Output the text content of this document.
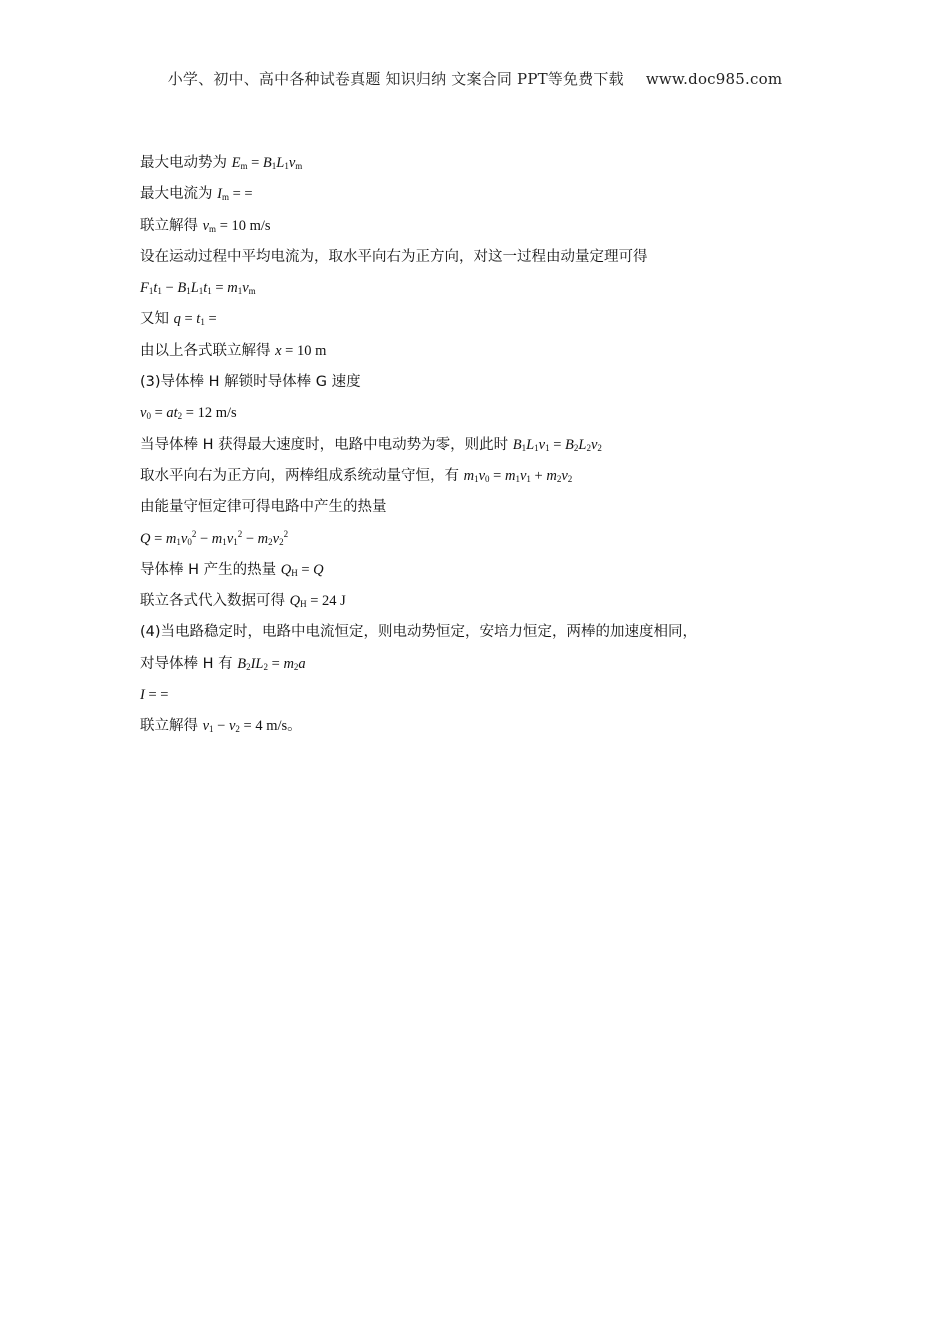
小学、初中、高中各种试卷真题 知识归纳 文案合同 PPT等免费下载 www.doc985.com
最大电动势为 $E_m = B_1L_1v_m$
最大电流为 $I_m$ = =
联立解得 $v_m = 10$ m/s
设在运动过程中平均电流为，取水平向右为正方向，对这一过程由动量定理可得
$F_1t_1 - B_1L_1t_1 = m_1v_m$
又知 $q = t_1$ =
由以上各式联立解得 x = 10 m
(3)导体棒 H 解锁时导体棒 G 速度
$v_0 = at_2 = 12$ m/s
当导体棒 H 获得最大速度时，电路中电动势为零，则此时 $B_1L_1v_1 = B_2L_2v_2$
取水平向右为正方向，两棒组成系统动量守恒，有 $m_1v_0 = m_1v_1 + m_2v_2$
由能量守恒定律可得电路中产生的热量
$Q = m_1v_0^2 - m_1v_1^2 - m_2v_2^2$
导体棒 H 产生的热量 $Q_H = Q$
联立各式代入数据可得 $Q_H = 24$ J
(4)当电路稳定时，电路中电流恒定，则电动势恒定，安培力恒定，两棒的加速度相同，
对导体棒 H 有 $B_2IL_2 = m_2a$
I = =
联立解得 $v_1 - v_2 = 4$ m/s。
